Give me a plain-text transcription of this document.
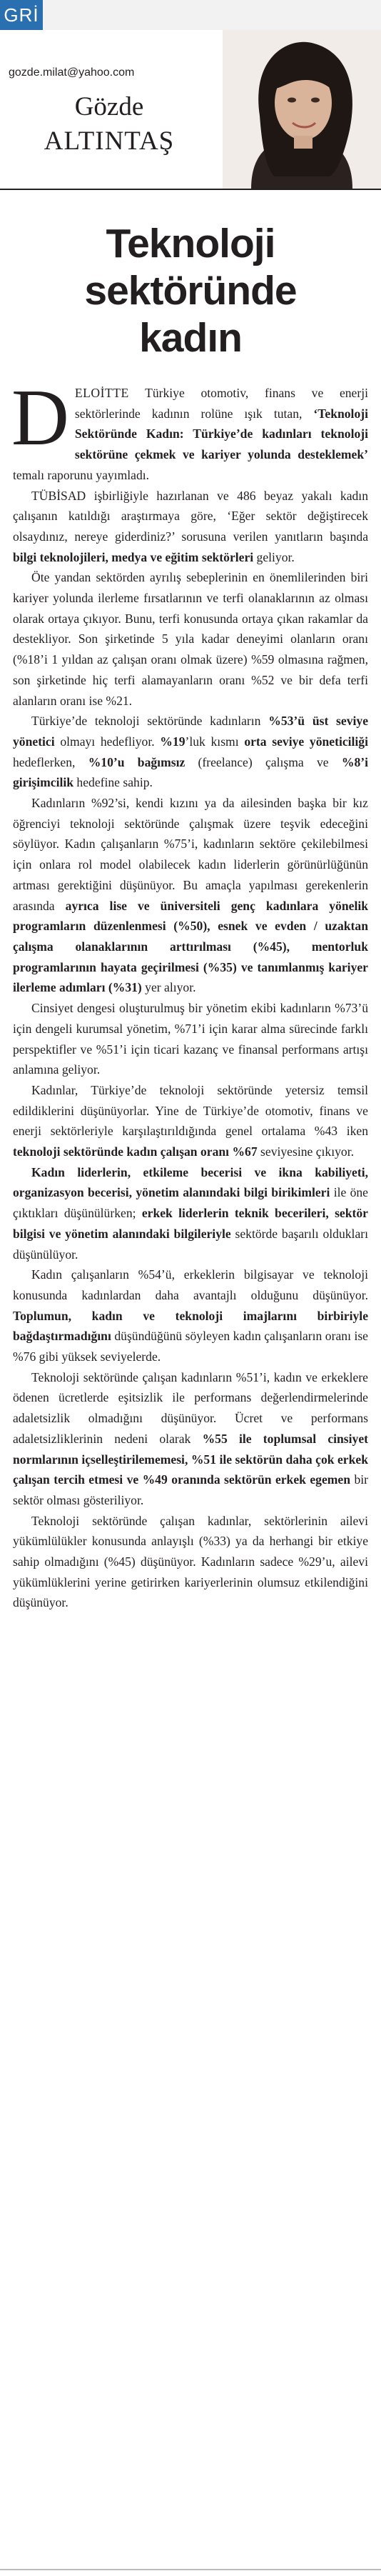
GRİ
gozde.milat@yahoo.com
Gözde
ALTINTAŞ
Teknoloji
sektöründe
kadın

DELOİTTE Türkiye otomotiv, finans ve enerji sektörlerinde kadının rolüne ışık tutan, ‘Teknoloji Sektöründe Kadın: Türkiye’de kadınları teknoloji sektörüne çekmek ve kariyer yolunda desteklemek’ temalı raporunu yayımladı.

TÜBİSAD işbirliğiyle hazırlanan ve 486 beyaz yakalı kadın çalışanın katıldığı araştırmaya göre, ‘Eğer sektör değiştirecek olsaydınız, nereye giderdiniz?’ sorusuna verilen yanıtların başında bilgi teknolojileri, medya ve eğitim sektörleri geliyor.

Öte yandan sektörden ayrılış sebeplerinin en önemlilerinden biri kariyer yolunda ilerleme fırsatlarının ve terfi olanaklarının az olması olarak ortaya çıkıyor. Bunu, terfi konusunda ortaya çıkan rakamlar da destekliyor. Son şirketinde 5 yıla kadar deneyimi olanların oranı (%18’i 1 yıldan az çalışan oranı olmak üzere) %59 olmasına rağmen, son şirketinde hiç terfi alamayanların oranı %52 ve bir defa terfi alanların oranı ise %21.

Türkiye’de teknoloji sektöründe kadınların %53’ü üst seviye yönetici olmayı hedefliyor. %19’luk kısmı orta seviye yöneticiliği hedeflerken, %10’u bağımsız (freelance) çalışma ve %8’i girişimcilik hedefine sahip.

Kadınların %92’si, kendi kızını ya da ailesinden başka bir kız öğrenciyi teknoloji sektöründe çalışmak üzere teşvik edeceğini söylüyor. Kadın çalışanların %75’i, kadınların sektöre çekilebilmesi için onlara rol model olabilecek kadın liderlerin görünürlüğünün artması gerektiğini düşünüyor. Bu amaçla yapılması gerekenlerin arasında ayrıca lise ve üniversiteli genç kadınlara yönelik programların düzenlenmesi (%50), esnek ve evden / uzaktan çalışma olanaklarının arttırılması (%45), mentorluk programlarının hayata geçirilmesi (%35) ve tanımlanmış kariyer ilerleme adımları (%31) yer alıyor.

Cinsiyet dengesi oluşturulmuş bir yönetim ekibi kadınların %73’ü için dengeli kurumsal yönetim, %71’i için karar alma sürecinde farklı perspektifler ve %51’i için ticari kazanç ve finansal performans artışı anlamına geliyor.

Kadınlar, Türkiye’de teknoloji sektöründe yetersiz temsil edildiklerini düşünüyorlar. Yine de Türkiye’de otomotiv, finans ve enerji sektörleriyle karşılaştırıldığında genel ortalama %43 iken teknoloji sektöründe kadın çalışan oranı %67 seviyesine çıkıyor.

Kadın liderlerin, etkileme becerisi ve ikna kabiliyeti, organizasyon becerisi, yönetim alanındaki bilgi birikimleri ile öne çıktıkları düşünülürken; erkek liderlerin teknik becerileri, sektör bilgisi ve yönetim alanındaki bilgileriyle sektörde başarılı oldukları düşünülüyor.

Kadın çalışanların %54’ü, erkeklerin bilgisayar ve teknoloji konusunda kadınlardan daha avantajlı olduğunu düşünüyor. Toplumun, kadın ve teknoloji imajlarını birbiriyle bağdaştırmadığını düşündüğünü söyleyen kadın çalışanların oranı ise %76 gibi yüksek seviyelerde.

Teknoloji sektöründe çalışan kadınların %51’i, kadın ve erkeklere ödenen ücretlerde eşitsizlik ile performans değerlendirmelerinde adaletsizlik olmadığını düşünüyor. Ücret ve performans adaletsizliklerinin nedeni olarak %55 ile toplumsal cinsiyet normlarının içselleştirilememesi, %51 ile sektörün daha çok erkek çalışan tercih etmesi ve %49 oranında sektörün erkek egemen bir sektör olması gösteriliyor.

Teknoloji sektöründe çalışan kadınlar, sektörlerinin ailevi yükümlülükler konusunda anlayışlı (%33) ya da herhangi bir etkiye sahip olmadığını (%45) düşünüyor. Kadınların sadece %29’u, ailevi yükümlüklerini yerine getirirken kariyerlerinin olumsuz etkilendiğini düşünüyor.
